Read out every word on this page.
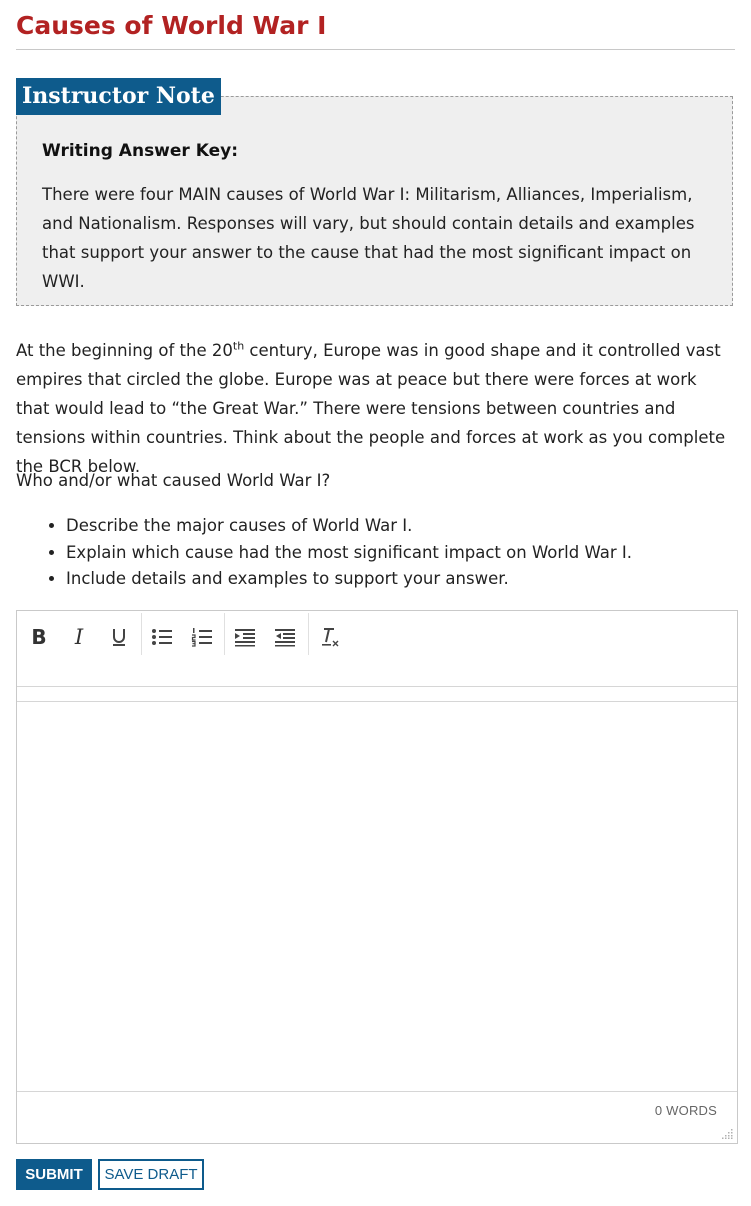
Causes of World War I
Instructor Note

Writing Answer Key:

There were four MAIN causes of World War I: Militarism, Alliances, Imperialism, and Nationalism. Responses will vary, but should contain details and examples that support your answer to the cause that had the most significant impact on WWI.

At the beginning of the 20th century, Europe was in good shape and it controlled vast empires that circled the globe. Europe was at peace but there were forces at work that would lead to “the Great War.” There were tensions between countries and tensions within countries. Think about the people and forces at work as you complete the BCR below.

Who and/or what caused World War I?

• Describe the major causes of World War I.
• Explain which cause had the most significant impact on World War I.
• Include details and examples to support your answer.
B I
0 WORDS
SUBMIT	SAVE DRAFT
